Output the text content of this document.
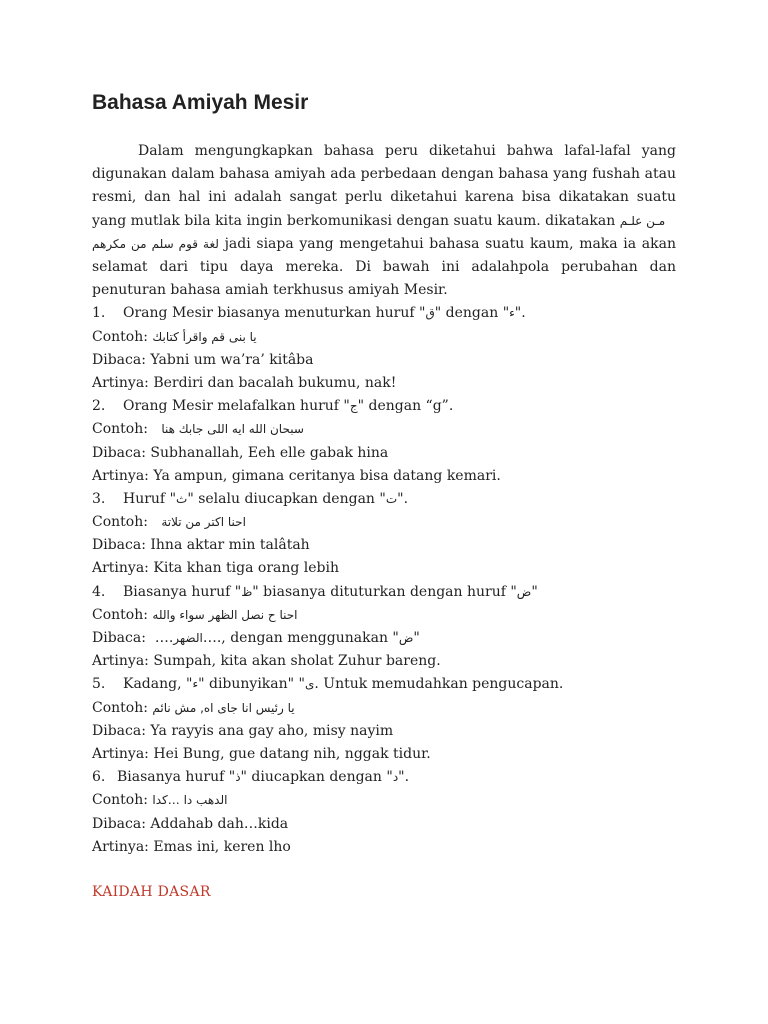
Bahasa Amiyah Mesir

Dalam mengungkapkan bahasa peru diketahui bahwa lafal-lafal yang digunakan dalam bahasa amiyah ada perbedaan dengan bahasa yang fushah atau resmi, dan hal ini adalah sangat perlu diketahui karena bisa dikatakan suatu yang mutlak bila kita ingin berkomunikasi dengan suatu kaum. dikatakan مـن علـم
لغة قوم سلم من مكرهم jadi siapa yang mengetahui bahasa suatu kaum, maka ia akan selamat dari tipu daya mereka. Di bawah ini adalahpola perubahan dan penuturan bahasa amiah terkhusus amiyah Mesir.

1. Orang Mesir biasanya menuturkan huruf "ق" dengan "ء".
Contoh: يا بنى قم واقرأ كتابك
Dibaca: Yabni um wa’ra’ kitâba
Artinya: Berdiri dan bacalah bukumu, nak!
2. Orang Mesir melafalkan huruf "ج" dengan “g”.
Contoh: سبحان الله ايه اللى جابك هنا
Dibaca: Subhanallah, Eeh elle gabak hina
Artinya: Ya ampun, gimana ceritanya bisa datang kemari.
3. Huruf "ث" selalu diucapkan dengan "ت".
Contoh: احنا اكتر من تلاتة
Dibaca: Ihna aktar min talâtah
Artinya: Kita khan tiga orang lebih
4. Biasanya huruf "ظ" biasanya dituturkan dengan huruf "ض"
Contoh: احنا ح نصل الظهر سواء والله
Dibaca: ….الضهر…., dengan menggunakan "ض"
Artinya: Sumpah, kita akan sholat Zuhur bareng.
5. Kadang, "ء" dibunyikan" "ى. Untuk memudahkan pengucapan.
Contoh: يا رئيس انا جاى اه, مش نائم
Dibaca: Ya rayyis ana gay aho, misy nayim
Artinya: Hei Bung, gue datang nih, nggak tidur.
6. Biasanya huruf "ذ" diucapkan dengan "د".
Contoh: الدهب دا …كدا
Dibaca: Addahab dah…kida
Artinya: Emas ini, keren lho
KAIDAH DASAR
